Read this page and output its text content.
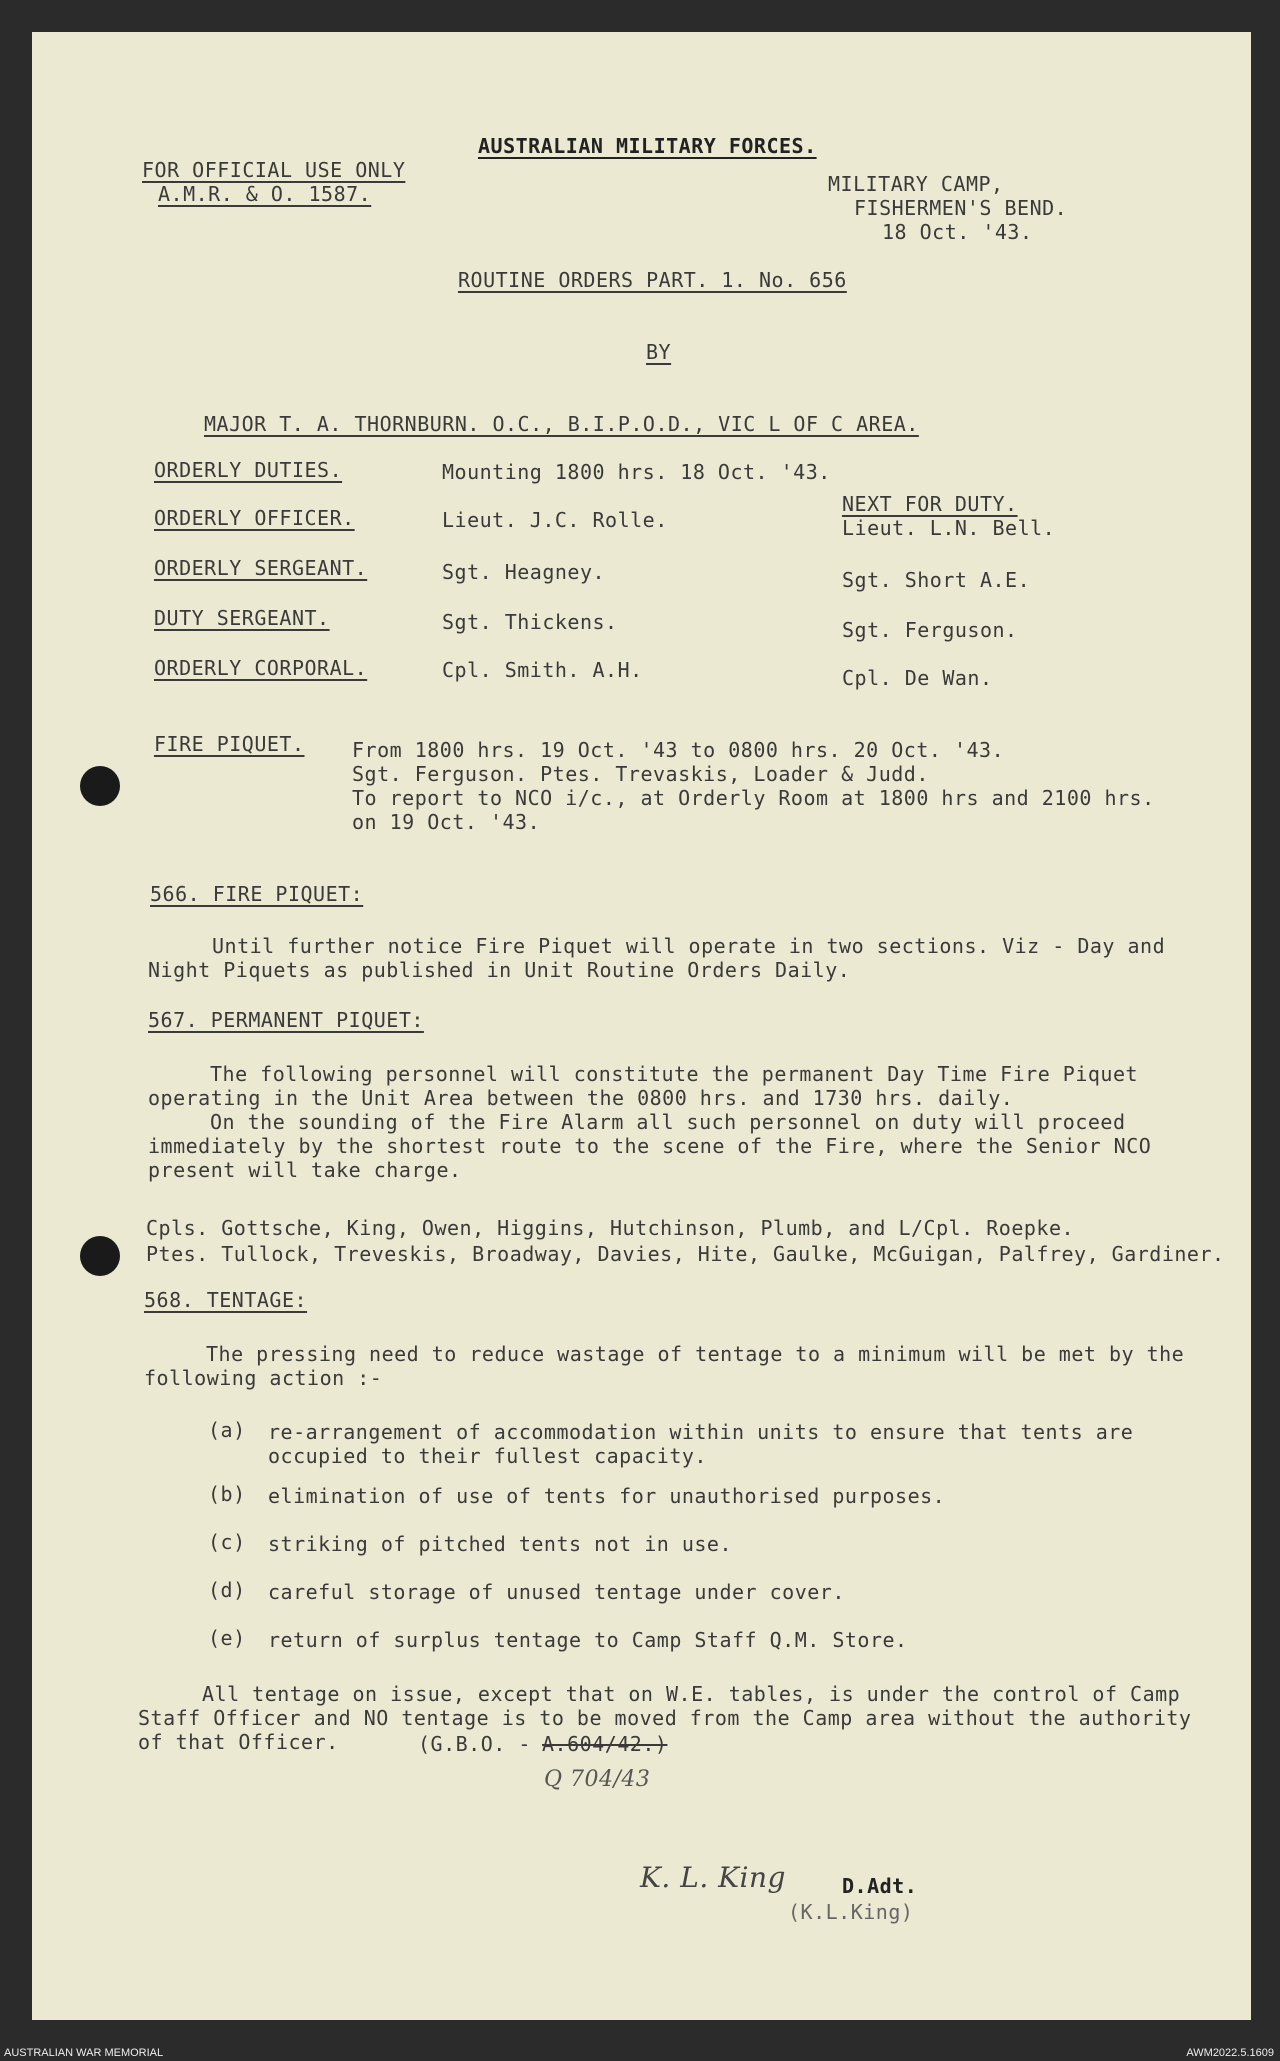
AUSTRALIAN MILITARY FORCES.
FOR OFFICIAL USE ONLY
A.M.R. & O. 1587.	MILITARY CAMP,
FISHERMEN'S BEND.
18 Oct. '43.
ROUTINE ORDERS PART. 1. No. 656
BY
MAJOR T. A. THORNBURN. O.C., B.I.P.O.D., VIC L OF C AREA.
ORDERLY DUTIES.	Mounting 1800 hrs. 18 Oct. '43.
NEXT FOR DUTY.
ORDERLY OFFICER.	Lieut. J.C. Rolle.	Lieut. L.N. Bell.
ORDERLY SERGEANT.	Sgt. Heagney.	Sgt. Short A.E.
DUTY SERGEANT.	Sgt. Thickens.	Sgt. Ferguson.
ORDERLY CORPORAL.	Cpl. Smith. A.H.	Cpl. De Wan.
FIRE PIQUET. From 1800 hrs. 19 Oct. '43 to 0800 hrs. 20 Oct. '43.
Sgt. Ferguson. Ptes. Trevaskis, Loader & Judd.
To report to NCO i/c., at Orderly Room at 1800 hrs and 2100 hrs.
on 19 Oct. '43.
566. FIRE PIQUET:
Until further notice Fire Piquet will operate in two sections. Viz - Day and
Night Piquets as published in Unit Routine Orders Daily.
567. PERMANENT PIQUET:
The following personnel will constitute the permanent Day Time Fire Piquet
operating in the Unit Area between the 0800 hrs. and 1730 hrs. daily.
On the sounding of the Fire Alarm all such personnel on duty will proceed
immediately by the shortest route to the scene of the Fire, where the Senior NCO
present will take charge.
Cpls. Gottsche, King, Owen, Higgins, Hutchinson, Plumb, and L/Cpl. Roepke.
Ptes. Tullock, Treveskis, Broadway, Davies, Hite, Gaulke, McGuigan, Palfrey, Gardiner.
568. TENTAGE:
The pressing need to reduce wastage of tentage to a minimum will be met by the
following action :-
(a) re-arrangement of accommodation within units to ensure that tents are
occupied to their fullest capacity.
(b) elimination of use of tents for unauthorised purposes.
(c) striking of pitched tents not in use.
(d) careful storage of unused tentage under cover.
(e) return of surplus tentage to Camp Staff Q.M. Store.
All tentage on issue, except that on W.E. tables, is under the control of Camp
Staff Officer and NO tentage is to be moved from the Camp area without the authority
of that Officer.	(G.B.O. - A.604/42.)
Q 704/43
K. L. King	D.Adt.
(K.L.King)
AUSTRALIAN WAR MEMORIAL	AWM2022.5.1609
